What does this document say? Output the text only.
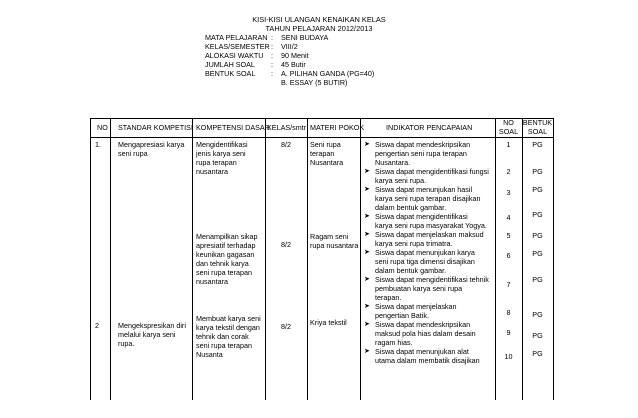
KISI-KISI ULANGAN KENAIKAN KELAS
TAHUN PELAJARAN 2012/2013
MATA PELAJARAN : SENI BUDAYA
KELAS/SEMESTER: VIII/2
ALOKASI WAKTU : 90 Menit
JUMLAH SOAL : 45 Butir
BENTUK SOAL : A. PILIHAN GANDA (PG=40)
B. ESSAY (5 BUTIR)
NO STANDAR KOMPETISI KOMPETENSI DASAR
KELAS/smtr MATERI POKOK	INDIKATOR PENCAPAIAN
NO
SOAL
BENTUK
SOAL
1.
2
Mengapresiasi karya
seni rupa
Mengekspresikan diri
melalui karya seni
rupa.
Mengidentifikasi
jenis karya seni
rupa terapan
nusantara
Menampilkan sikap
apresiatif terhadap
keunikan gagasan
dan tehnik karya
seni rupa terapan
nusantara
Membuat karya seni
karya tekstil dengan
tehnik dan corak
seni rupa terapan
Nusanta
8/2
8/2
8/2
Seni rupa
terapan
Nusantara
Ragam seni
rupa nusantara
Kriya tekstil
➤ Siswa dapat mendeskripsikan
pengertian seni rupa terapan
Nusantara.
➤ Siswa dapat mengidentifikasi fungsi
karya seni rupa.
➤ Siswa dapat menunjukan hasil
karya seni rupa terapan disajikan
dalam bentuk gambar.
➤ Siswa dapat mengidentifikasi
karya seni rupa masyarakat Yogya.
➤ Siswa dapat menjelaskan maksud
karya seni rupa trimatra.
➤ Siswa dapat menunjukan karya
seni rupa tiga dimensi disajikan
dalam bentuk gambar.
➤ Siswa dapat mengidentifikasi tehnik
pembuatan karya seni rupa
terapan.
➤ Siswa dapat menjelaskan
pengertian Batik.
➤ Siswa dapat mendeskripsikan
maksud pola hias dalam desain
ragam hias.
➤ Siswa dapat menunjukan alat
utama dalam membatik disajikan
1
2
3
4
5
6
7
8
9
10
PG
PG
PG
PG
PG
PG
PG
PG
PG
PG
